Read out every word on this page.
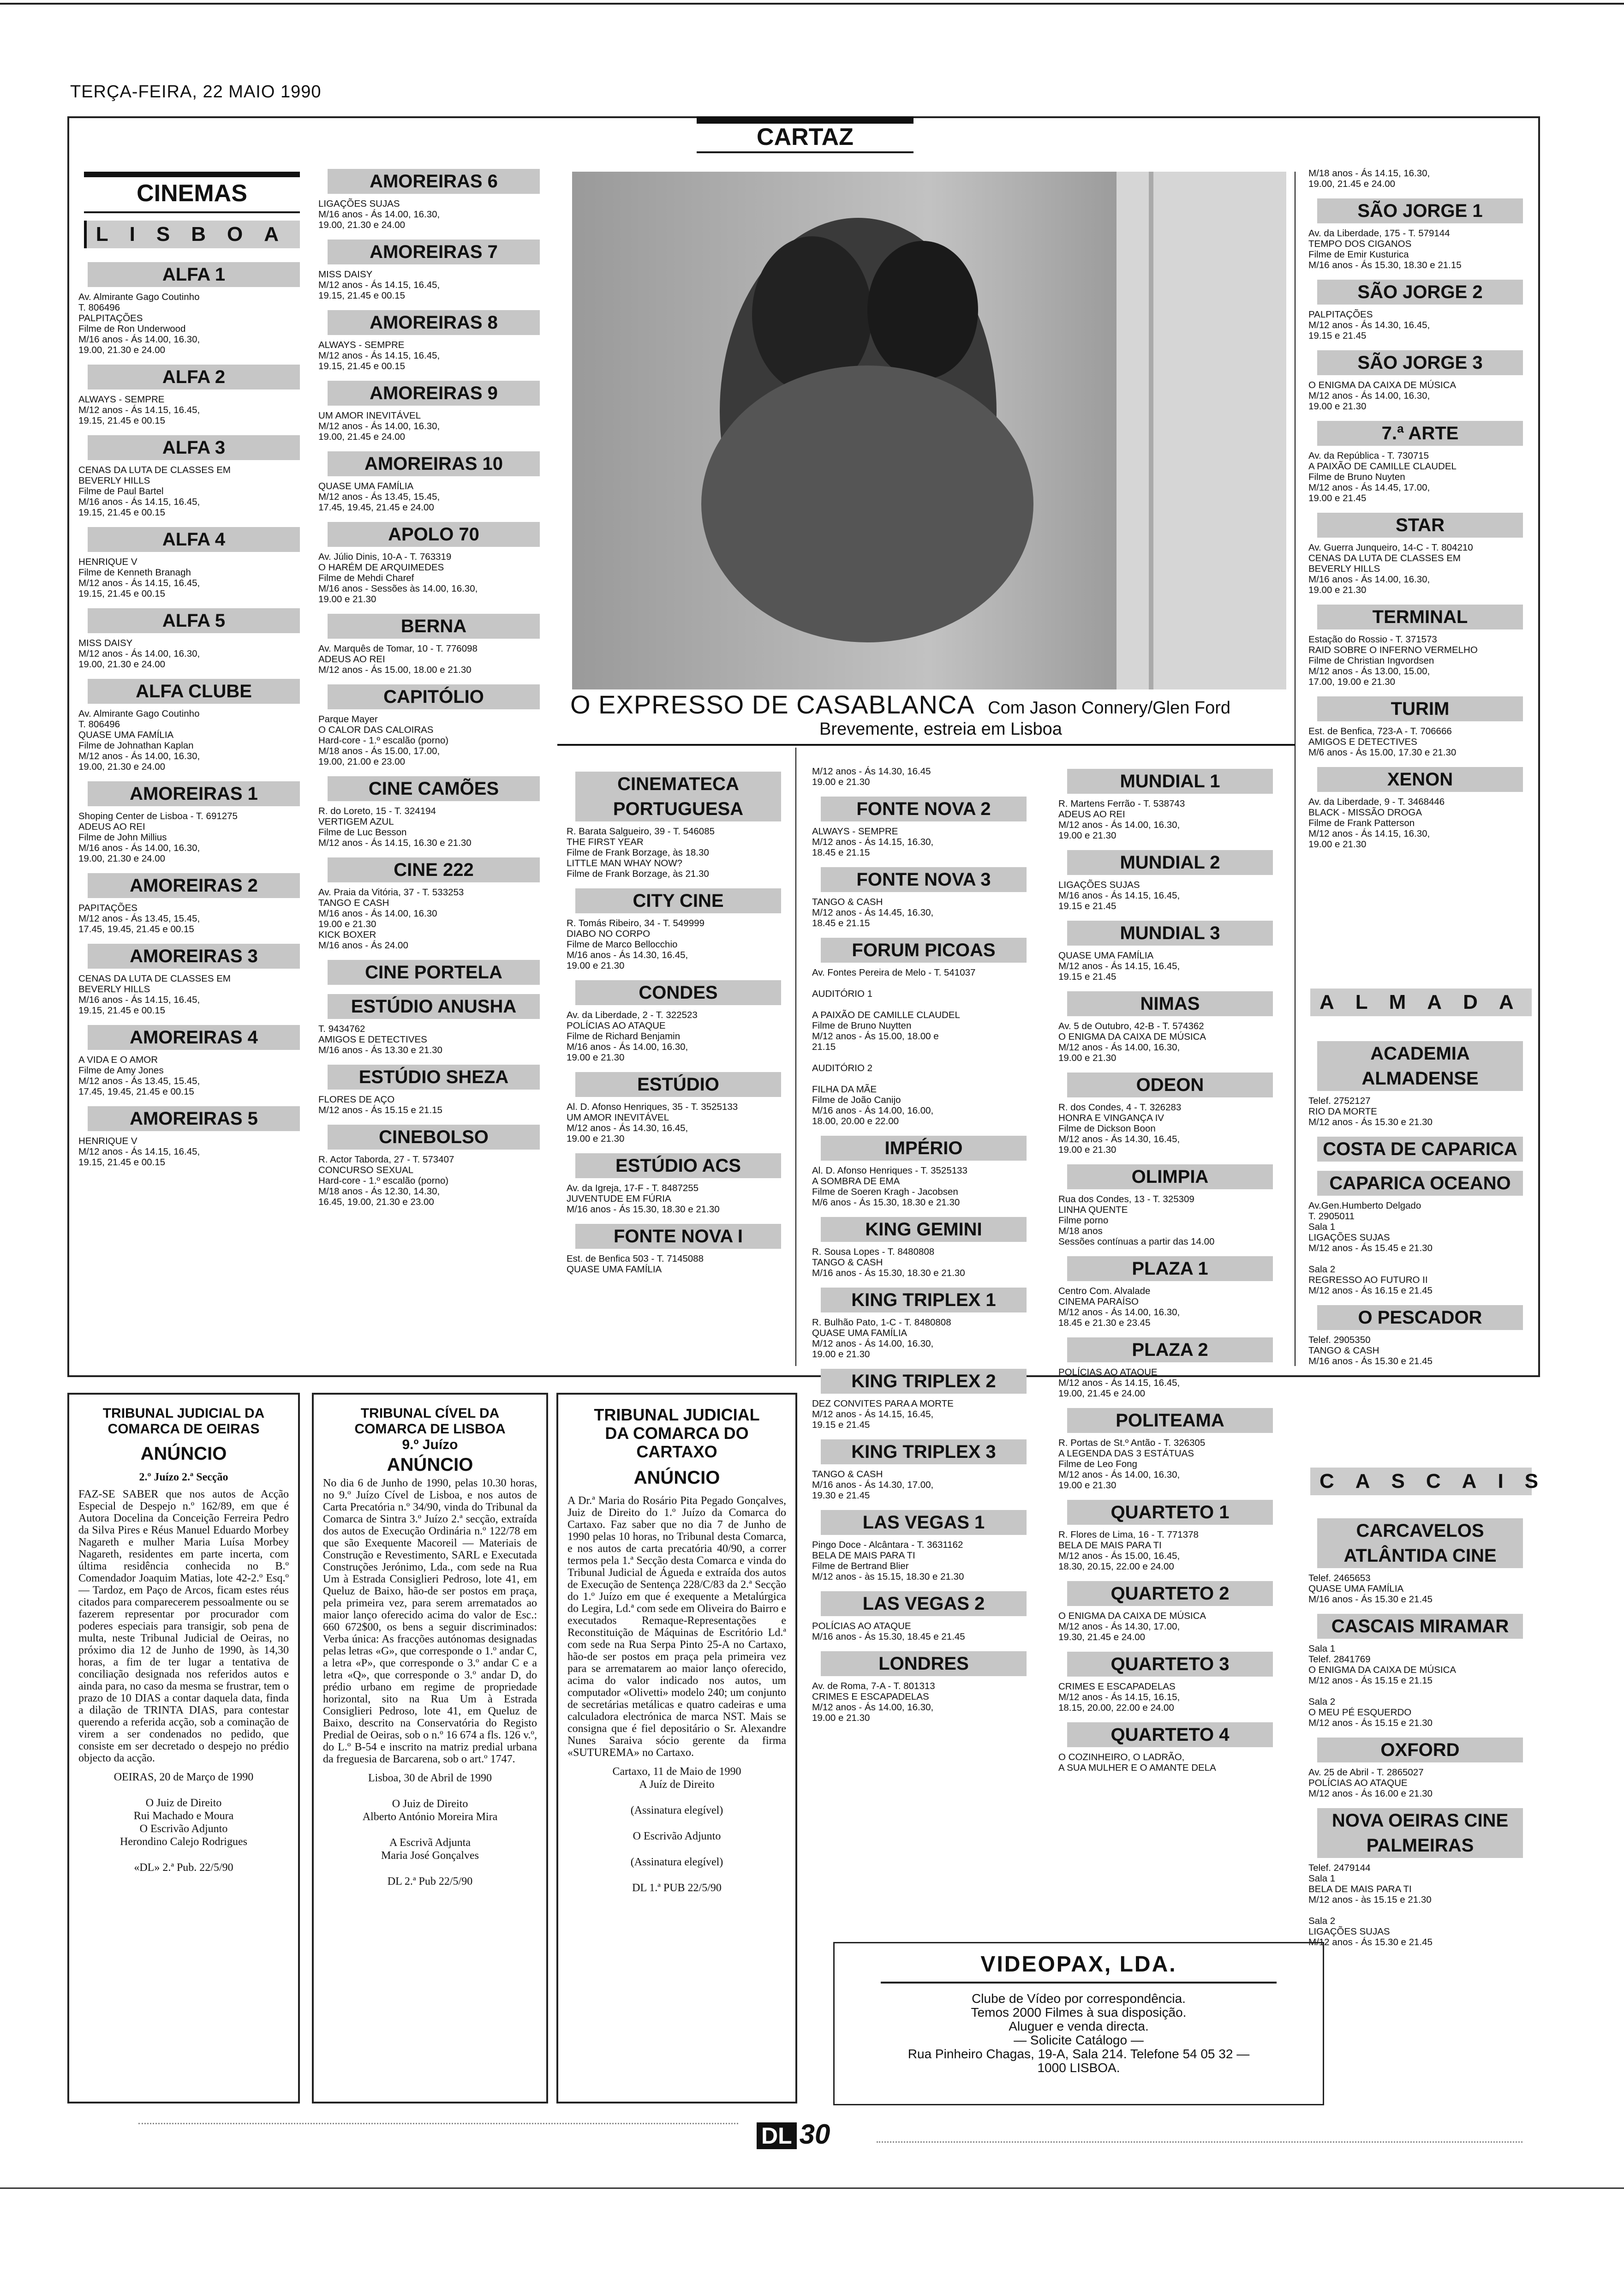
TERÇA-FEIRA, 22 MAIO 1990
CARTAZ
CINEMAS
LISBOA
ALFA 1
Av. Almirante Gago Coutinho
T. 806496
PALPITAÇÕES
Filme de Ron Underwood
M/16 anos - Ás 14.00, 16.30,
19.00, 21.30 e 24.00
ALFA 2
ALWAYS - SEMPRE
M/12 anos - Ás 14.15, 16.45,
19.15, 21.45 e 00.15
ALFA 3
CENAS DA LUTA DE CLASSES EM
BEVERLY HILLS
Filme de Paul Bartel
M/16 anos - Ás 14.15, 16.45,
19.15, 21.45 e 00.15
ALFA 4
HENRIQUE V
Filme de Kenneth Branagh
M/12 anos - Ás 14.15, 16.45,
19.15, 21.45 e 00.15
ALFA 5
MISS DAISY
M/12 anos - Ás 14.00, 16.30,
19.00, 21.30 e 24.00
ALFA CLUBE
Av. Almirante Gago Coutinho
T. 806496
QUASE UMA FAMÍLIA
Filme de Johnathan Kaplan
M/12 anos - Ás 14.00, 16.30,
19.00, 21.30 e 24.00
AMOREIRAS 1
Shoping Center de Lisboa - T. 691275
ADEUS AO REI
Filme de John Millius
M/16 anos - Ás 14.00, 16.30,
19.00, 21.30 e 24.00
AMOREIRAS 2
PAPITAÇÕES
M/12 anos - Ás 13.45, 15.45,
17.45, 19.45, 21.45 e 00.15
AMOREIRAS 3
CENAS DA LUTA DE CLASSES EM
BEVERLY HILLS
M/16 anos - Ás 14.15, 16.45,
19.15, 21.45 e 00.15
AMOREIRAS 4
A VIDA E O AMOR
Filme de Amy Jones
M/12 anos - Ás 13.45, 15.45,
17.45, 19.45, 21.45 e 00.15
AMOREIRAS 5
HENRIQUE V
M/12 anos - Ás 14.15, 16.45,
19.15, 21.45 e 00.15
AMOREIRAS 6
LIGAÇÕES SUJAS
M/16 anos - Ás 14.00, 16.30,
19.00, 21.30 e 24.00
AMOREIRAS 7
MISS DAISY
M/12 anos - Ás 14.15, 16.45,
19.15, 21.45 e 00.15
AMOREIRAS 8
ALWAYS - SEMPRE
M/12 anos - Ás 14.15, 16.45,
19.15, 21.45 e 00.15
AMOREIRAS 9
UM AMOR INEVITÁVEL
M/12 anos - Ás 14.00, 16.30,
19.00, 21.45 e 24.00
AMOREIRAS 10
QUASE UMA FAMÍLIA
M/12 anos - Ás 13.45, 15.45,
17.45, 19.45, 21.45 e 24.00
APOLO 70
Av. Júlio Dinis, 10-A - T. 763319
O HARÉM DE ARQUIMEDES
Filme de Mehdi Charef
M/16 anos - Sessões às 14.00, 16.30,
19.00 e 21.30
BERNA
Av. Marquês de Tomar, 10 - T. 776098
ADEUS AO REI
M/12 anos - Ás 15.00, 18.00 e 21.30
CAPITÓLIO
Parque Mayer
O CALOR DAS CALOIRAS
Hard-core - 1.º escalão (porno)
M/18 anos - Ás 15.00, 17.00,
19.00, 21.00 e 23.00
CINE CAMÕES
R. do Loreto, 15 - T. 324194
VERTIGEM AZUL
Filme de Luc Besson
M/12 anos - Ás 14.15, 16.30 e 21.30
CINE 222
Av. Praia da Vitória, 37 - T. 533253
TANGO E CASH
M/16 anos - Ás 14.00, 16.30
19.00 e 21.30
KICK BOXER
M/16 anos - Ás 24.00
CINE PORTELA
ESTÚDIO ANUSHA
T. 9434762
AMIGOS E DETECTIVES
M/16 anos - Ás 13.30 e 21.30
ESTÚDIO SHEZA
FLORES DE AÇO
M/12 anos - Ás 15.15 e 21.15
CINEBOLSO
R. Actor Taborda, 27 - T. 573407
CONCURSO SEXUAL
Hard-core - 1.º escalão (porno)
M/18 anos - Ás 12.30, 14.30,
16.45, 19.00, 21.30 e 23.00
O EXPRESSO DE CASABLANCA Com Jason Connery/Glen Ford
Brevemente, estreia em Lisboa
CINEMATECA PORTUGUESA
R. Barata Salgueiro, 39 - T. 546085
THE FIRST YEAR
Filme de Frank Borzage, às 18.30
LITTLE MAN WHAY NOW?
Filme de Frank Borzage, às 21.30
CITY CINE
R. Tomás Ribeiro, 34 - T. 549999
DIABO NO CORPO
Filme de Marco Bellocchio
M/16 anos - Ás 14.30, 16.45,
19.00 e 21.30
CONDES
Av. da Liberdade, 2 - T. 322523
POLÍCIAS AO ATAQUE
Filme de Richard Benjamin
M/16 anos - Ás 14.00, 16.30,
19.00 e 21.30
ESTÚDIO
Al. D. Afonso Henriques, 35 - T. 3525133
UM AMOR INEVITÁVEL
M/12 anos - Ás 14.30, 16.45,
19.00 e 21.30
ESTÚDIO ACS
Av. da Igreja, 17-F - T. 8487255
JUVENTUDE EM FÚRIA
M/16 anos - Ás 15.30, 18.30 e 21.30
FONTE NOVA I
Est. de Benfica 503 - T. 7145088
QUASE UMA FAMÍLIA
M/12 anos - Ás 14.30, 16.45
19.00 e 21.30
FONTE NOVA 2
ALWAYS - SEMPRE
M/12 anos - Ás 14.15, 16.30,
18.45 e 21.15
FONTE NOVA 3
TANGO & CASH
M/12 anos - Ás 14.45, 16.30,
18.45 e 21.15
FORUM PICOAS
Av. Fontes Pereira de Melo - T. 541037

AUDITÓRIO 1

A PAIXÃO DE CAMILLE CLAUDEL
Filme de Bruno Nuytten
M/12 anos - Ás 15.00, 18.00 e
21.15

AUDITÓRIO 2

FILHA DA MÃE
Filme de João Canijo
M/16 anos - Ás 14.00, 16.00,
18.00, 20.00 e 22.00
IMPÉRIO
Al. D. Afonso Henriques - T. 3525133
A SOMBRA DE EMA
Filme de Soeren Kragh - Jacobsen
M/6 anos - Ás 15.30, 18.30 e 21.30
KING GEMINI
R. Sousa Lopes - T. 8480808
TANGO & CASH
M/16 anos - Ás 15.30, 18.30 e 21.30
KING TRIPLEX 1
R. Bulhão Pato, 1-C - T. 8480808
QUASE UMA FAMÍLIA
M/12 anos - Ás 14.00, 16.30,
19.00 e 21.30
KING TRIPLEX 2
DEZ CONVITES PARA A MORTE
M/12 anos - Ás 14.15, 16.45,
19.15 e 21.45
KING TRIPLEX 3
TANGO & CASH
M/16 anos - Ás 14.30, 17.00,
19.30 e 21.45
LAS VEGAS 1
Pingo Doce - Alcântara - T. 3631162
BELA DE MAIS PARA TI
Filme de Bertrand Blier
M/12 anos - às 15.15, 18.30 e 21.30
LAS VEGAS 2
POLÍCIAS AO ATAQUE
M/16 anos - Ás 15.30, 18.45 e 21.45
LONDRES
Av. de Roma, 7-A - T. 801313
CRIMES E ESCAPADELAS
M/12 anos - Ás 14.00, 16.30,
19.00 e 21.30
MUNDIAL 1
R. Martens Ferrão - T. 538743
ADEUS AO REI
M/12 anos - Ás 14.00, 16.30,
19.00 e 21.30
MUNDIAL 2
LIGAÇÕES SUJAS
M/16 anos - Ás 14.15, 16.45,
19.15 e 21.45
MUNDIAL 3
QUASE UMA FAMÍLIA
M/12 anos - Ás 14.15, 16.45,
19.15 e 21.45
NIMAS
Av. 5 de Outubro, 42-B - T. 574362
O ENIGMA DA CAIXA DE MÚSICA
M/12 anos - Ás 14.00, 16.30,
19.00 e 21.30
ODEON
R. dos Condes, 4 - T. 326283
HONRA E VINGANÇA IV
Filme de Dickson Boon
M/12 anos - Ás 14.30, 16.45,
19.00 e 21.30
OLIMPIA
Rua dos Condes, 13 - T. 325309
LINHA QUENTE
Filme porno
M/18 anos
Sessões contínuas a partir das 14.00
PLAZA 1
Centro Com. Alvalade
CINEMA PARAÍSO
M/12 anos - Ás 14.00, 16.30,
18.45 e 21.30 e 23.45
PLAZA 2
POLÍCIAS AO ATAQUE
M/12 anos - Ás 14.15, 16.45,
19.00, 21.45 e 24.00
POLITEAMA
R. Portas de St.º Antão - T. 326305
A LEGENDA DAS 3 ESTÁTUAS
Filme de Leo Fong
M/12 anos - Ás 14.00, 16.30,
19.00 e 21.30
QUARTETO 1
R. Flores de Lima, 16 - T. 771378
BELA DE MAIS PARA TI
M/12 anos - Ás 15.00, 16.45,
18.30, 20.15, 22.00 e 24.00
QUARTETO 2
O ENIGMA DA CAIXA DE MÚSICA
M/12 anos - Ás 14.30, 17.00,
19.30, 21.45 e 24.00
QUARTETO 3
CRIMES E ESCAPADELAS
M/12 anos - Ás 14.15, 16.15,
18.15, 20.00, 22.00 e 24.00
QUARTETO 4
O COZINHEIRO, O LADRÃO,
A SUA MULHER E O AMANTE DELA
M/18 anos - Ás 14.15, 16.30,
19.00, 21.45 e 24.00
SÃO JORGE 1
Av. da Liberdade, 175 - T. 579144
TEMPO DOS CIGANOS
Filme de Emir Kusturica
M/16 anos - Ás 15.30, 18.30 e 21.15
SÃO JORGE 2
PALPITAÇÕES
M/12 anos - Ás 14.30, 16.45,
19.15 e 21.45
SÃO JORGE 3
O ENIGMA DA CAIXA DE MÚSICA
M/12 anos - Ás 14.00, 16.30,
19.00 e 21.30
7.ª ARTE
Av. da República - T. 730715
A PAIXÃO DE CAMILLE CLAUDEL
Filme de Bruno Nuyten
M/12 anos - Ás 14.45, 17.00,
19.00 e 21.45
STAR
Av. Guerra Junqueiro, 14-C - T. 804210
CENAS DA LUTA DE CLASSES EM
BEVERLY HILLS
M/16 anos - Ás 14.00, 16.30,
19.00 e 21.30
TERMINAL
Estação do Rossio - T. 371573
RAID SOBRE O INFERNO VERMELHO
Filme de Christian Ingvordsen
M/12 anos - Ás 13.00, 15.00,
17.00, 19.00 e 21.30
TURIM
Est. de Benfica, 723-A - T. 706666
AMIGOS E DETECTIVES
M/6 anos - Ás 15.00, 17.30 e 21.30
XENON
Av. da Liberdade, 9 - T. 3468446
BLACK - MISSÃO DROGA
Filme de Frank Patterson
M/12 anos - Ás 14.15, 16.30,
19.00 e 21.30
ALMADA
ACADEMIA ALMADENSE
Telef. 2752127
RIO DA MORTE
M/12 anos - Ás 15.30 e 21.30
COSTA DE CAPARICA
CAPARICA OCEANO
Av.Gen.Humberto Delgado
T. 2905011
Sala 1
LIGAÇÕES SUJAS
M/12 anos - Ás 15.45 e 21.30

Sala 2
REGRESSO AO FUTURO II
M/12 anos - Ás 16.15 e 21.45
O PESCADOR
Telef. 2905350
TANGO & CASH
M/16 anos - Ás 15.30 e 21.45
CASCAIS
CARCAVELOS ATLÂNTIDA CINE
Telef. 2465653
QUASE UMA FAMÍLIA
M/16 anos - Ás 15.30 e 21.45
CASCAIS MIRAMAR
Sala 1
Telef. 2841769
O ENIGMA DA CAIXA DE MÚSICA
M/12 anos - Ás 15.15 e 21.15

Sala 2
O MEU PÉ ESQUERDO
M/12 anos - Ás 15.15 e 21.30
OXFORD
Av. 25 de Abril - T. 2865027
POLÍCIAS AO ATAQUE
M/12 anos - Ás 16.00 e 21.30
NOVA OEIRAS CINE PALMEIRAS
Telef. 2479144
Sala 1
BELA DE MAIS PARA TI
M/12 anos - às 15.15 e 21.30

Sala 2
LIGAÇÕES SUJAS
M/12 anos - Ás 15.30 e 21.45
TRIBUNAL JUDICIAL DA
COMARCA DE OEIRAS
ANÚNCIO
2.º Juízo 2.ª Secção
FAZ-SE SABER que nos autos de Acção Especial de Despejo n.º 162/89, em que é Autora Docelina da Conceição Ferreira Pedro da Silva Pires e Réus Manuel Eduardo Morbey Nagareth e mulher Maria Luísa Morbey Nagareth, residentes em parte incerta, com última residência conhecida no B.º Comendador Joaquim Matias, lote 42-2.º Esq.º — Tardoz, em Paço de Arcos, ficam estes réus citados para comparecerem pessoalmente ou se fazerem representar por procurador com poderes especiais para transigir, sob pena de multa, neste Tribunal Judicial de Oeiras, no próximo dia 12 de Junho de 1990, às 14,30 horas, a fim de ter lugar a tentativa de conciliação designada nos referidos autos e ainda para, no caso da mesma se frustrar, tem o prazo de 10 DIAS a contar daquela data, finda a dilação de TRINTA DIAS, para contestar querendo a referida acção, sob a cominação de virem a ser condenados no pedido, que consiste em ser decretado o despejo no prédio objecto da acção.
OEIRAS, 20 de Março de 1990

O Juiz de Direito
Rui Machado e Moura
O Escrivão Adjunto
Herondino Calejo Rodrigues

«DL» 2.ª Pub. 22/5/90
TRIBUNAL CÍVEL DA
COMARCA DE LISBOA
9.º Juízo
ANÚNCIO
No dia 6 de Junho de 1990, pelas 10.30 horas, no 9.º Juízo Cível de Lisboa, e nos autos de Carta Precatória n.º 34/90, vinda do Tribunal da Comarca de Sintra 3.º Juízo 2.ª secção, extraída dos autos de Execução Ordinária n.º 122/78 em que são Exequente Macoreil — Materiais de Construção e Revestimento, SARL e Executada Construções Jerónimo, Lda., com sede na Rua Um à Estrada Consiglieri Pedroso, lote 41, em Queluz de Baixo, hão-de ser postos em praça, pela primeira vez, para serem arrematados ao maior lanço oferecido acima do valor de Esc.: 660 672$00, os bens a seguir discriminados: Verba única: As fracções autónomas designadas pelas letras «G», que corresponde o 1.º andar C, a letra «P», que corresponde o 3.º andar C e a letra «Q», que corresponde o 3.º andar D, do prédio urbano em regime de propriedade horizontal, sito na Rua Um à Estrada Consiglieri Pedroso, lote 41, em Queluz de Baixo, descrito na Conservatória do Registo Predial de Oeiras, sob o n.º 16 674 a fls. 126 v.º, do L.º B-54 e inscrito na matriz predial urbana da freguesia de Barcarena, sob o art.º 1747.
Lisboa, 30 de Abril de 1990

O Juiz de Direito
Alberto António Moreira Mira

A Escrivã Adjunta
Maria José Gonçalves

DL 2.ª Pub 22/5/90
TRIBUNAL JUDICIAL
DA COMARCA DO
CARTAXO
ANÚNCIO
A Dr.ª Maria do Rosário Pita Pegado Gonçalves, Juiz de Direito do 1.º Juízo da Comarca do Cartaxo. Faz saber que no dia 7 de Junho de 1990 pelas 10 horas, no Tribunal desta Comarca, e nos autos de carta precatória 40/90, a correr termos pela 1.ª Secção desta Comarca e vinda do Tribunal Judicial de Águeda e extraída dos autos de Execução de Sentença 228/C/83 da 2.ª Secção do 1.º Juízo em que é exequente a Metalúrgica do Legira, Ld.ª com sede em Oliveira do Bairro e executados Remaque-Representações e Reconstituição de Máquinas de Escritório Ld.ª com sede na Rua Serpa Pinto 25-A no Cartaxo, hão-de ser postos em praça pela primeira vez para se arrematarem ao maior lanço oferecido, acima do valor indicado nos autos, um computador «Olivetti» modelo 240; um conjunto de secretárias metálicas e quatro cadeiras e uma calculadora electrónica de marca NST. Mais se consigna que é fiel depositário o Sr. Alexandre Nunes Saraiva sócio gerente da firma «SUTUREMA» no Cartaxo.
Cartaxo, 11 de Maio de 1990
A Juíz de Direito

(Assinatura elegível)

O Escrivão Adjunto

(Assinatura elegível)

DL 1.ª PUB 22/5/90
VIDEOPAX, LDA.
Clube de Vídeo por correspondência.
Temos 2000 Filmes à sua disposição.
Aluguer e venda directa.
— Solicite Catálogo —
Rua Pinheiro Chagas, 19-A, Sala 214. Telefone 54 05 32 —
1000 LISBOA.
DL 30
